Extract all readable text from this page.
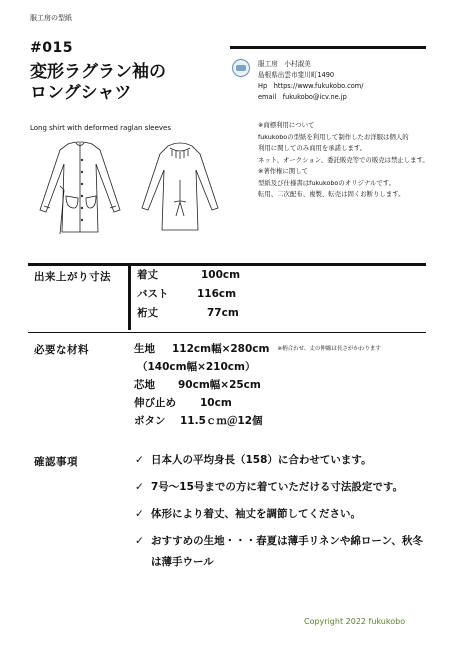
服工房の型紙
#015
変形ラグラン袖の
ロングシャツ
Long shirt with deformed raglan sleeves
服工房　小村淑美
島根県出雲市斐川町1490
Hp　https://www.fukukobo.com/
email　fukukobo@icv.ne.jp
※商標利用について
fukukoboの型紙を利用して制作したお洋服は個人的
利用に関してのみ商用を承諾します。
ネット、オークション、委託販売等での販売は禁止します。
※著作権に関して
型紙及び仕様書はfukukoboのオリジナルです。
転用、二次配布、複製、転売は固くお断りします。
出来上がり寸法 着丈	100cm
バスト	116cm
裄丈	77cm
必要な材料	生地 112cm幅×280cm ※柄合わせ、丈の伸縮は長さがかわります
（140cm幅×210cm）
芯地 90cm幅×25cm
伸び止め 10cm
ボタン 11.5ｃｍ＠12個
確認事項	✓ 日本人の平均身長（158）に合わせています。
✓ 7号～15号までの方に着ていただける寸法設定です。
✓ 体形により着丈、袖丈を調節してください。
✓ おすすめの生地・・・春夏は薄手リネンや綿ローン、秋冬は薄手ウール
Copyright 2022 fukukobo
